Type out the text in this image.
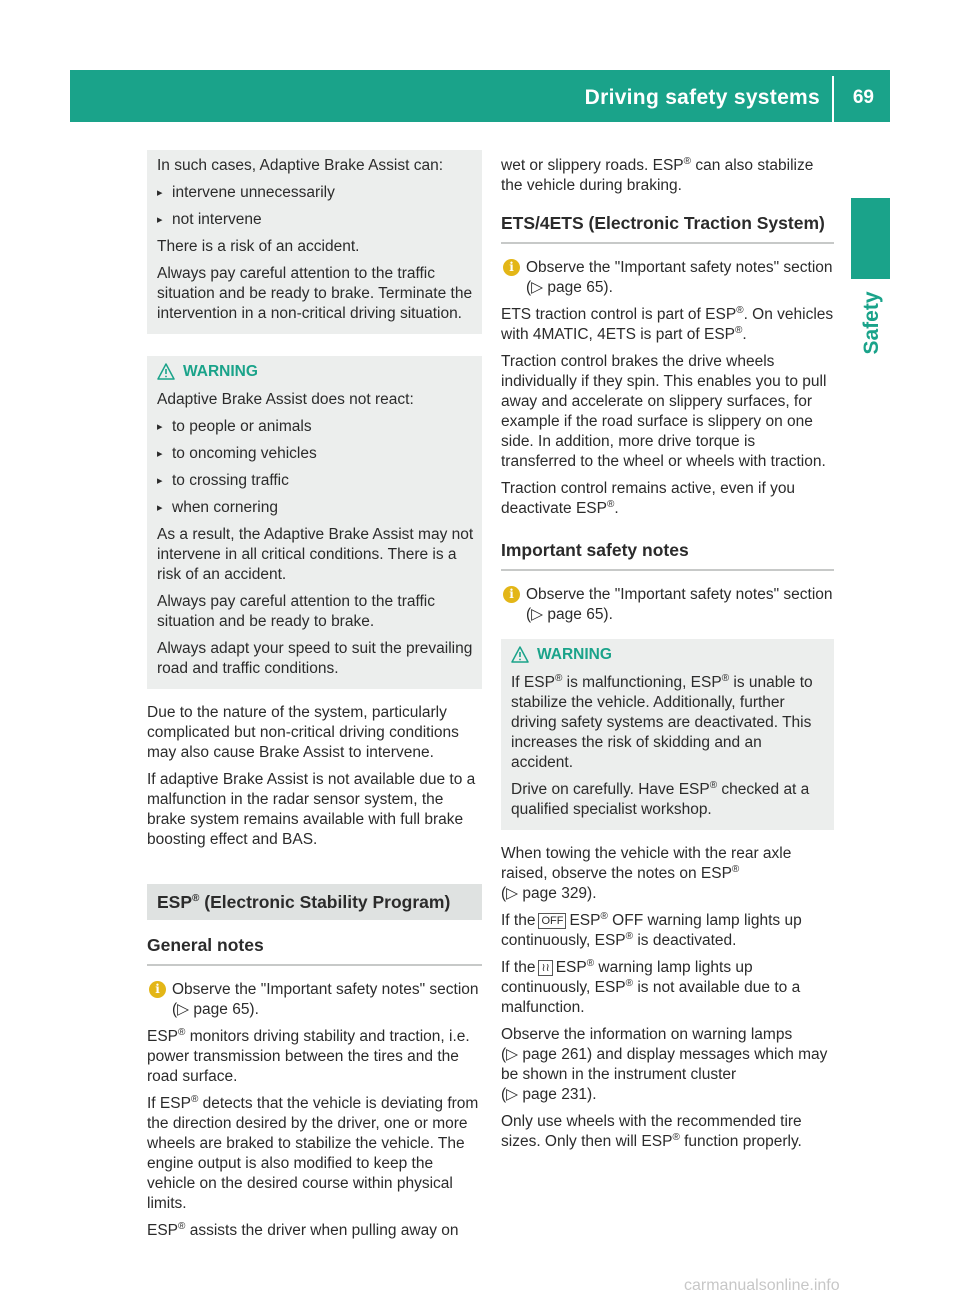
Driving safety systems 69
Safety

In such cases, Adaptive Brake Assist can:

▸ intervene unnecessarily
▸ not intervene

There is a risk of an accident.

Always pay careful attention to the traffic situation and be ready to brake. Terminate the intervention in a non-critical driving situation.

WARNING

Adaptive Brake Assist does not react:

▸ to people or animals
▸ to oncoming vehicles
▸ to crossing traffic
▸ when cornering

As a result, the Adaptive Brake Assist may not intervene in all critical conditions. There is a risk of an accident.

Always pay careful attention to the traffic situation and be ready to brake.

Always adapt your speed to suit the prevailing road and traffic conditions.

Due to the nature of the system, particularly complicated but non-critical driving conditions may also cause Brake Assist to intervene.

If adaptive Brake Assist is not available due to a malfunction in the radar sensor system, the brake system remains available with full brake boosting effect and BAS.

ESP® (Electronic Stability Program)
General notes
i Observe the "Important safety notes" section (▷ page 65).

ESP® monitors driving stability and traction, i.e. power transmission between the tires and the road surface.

If ESP® detects that the vehicle is deviating from the direction desired by the driver, one or more wheels are braked to stabilize the vehicle. The engine output is also modified to keep the vehicle on the desired course within physical limits.

ESP® assists the driver when pulling away on

wet or slippery roads. ESP® can also stabilize the vehicle during braking.

ETS/4ETS (Electronic Traction System)
i Observe the "Important safety notes" section (▷ page 65).

ETS traction control is part of ESP®. On vehicles with 4MATIC, 4ETS is part of ESP®.

Traction control brakes the drive wheels individually if they spin. This enables you to pull away and accelerate on slippery surfaces, for example if the road surface is slippery on one side. In addition, more drive torque is transferred to the wheel or wheels with traction.

Traction control remains active, even if you deactivate ESP®.

Important safety notes
i Observe the "Important safety notes" section (▷ page 65).
WARNING

If ESP® is malfunctioning, ESP® is unable to stabilize the vehicle. Additionally, further driving safety systems are deactivated. This increases the risk of skidding and an accident.

Drive on carefully. Have ESP® checked at a qualified specialist workshop.

When towing the vehicle with the rear axle raised, observe the notes on ESP®
(▷ page 329).

If the OFF ESP® OFF warning lamp lights up continuously, ESP® is deactivated.

If the ≀≀ ESP® warning lamp lights up continuously, ESP® is not available due to a malfunction.

Observe the information on warning lamps
(▷ page 261) and display messages which may be shown in the instrument cluster
(▷ page 231).

Only use wheels with the recommended tire sizes. Only then will ESP® function properly.

carmanualsonline.info
